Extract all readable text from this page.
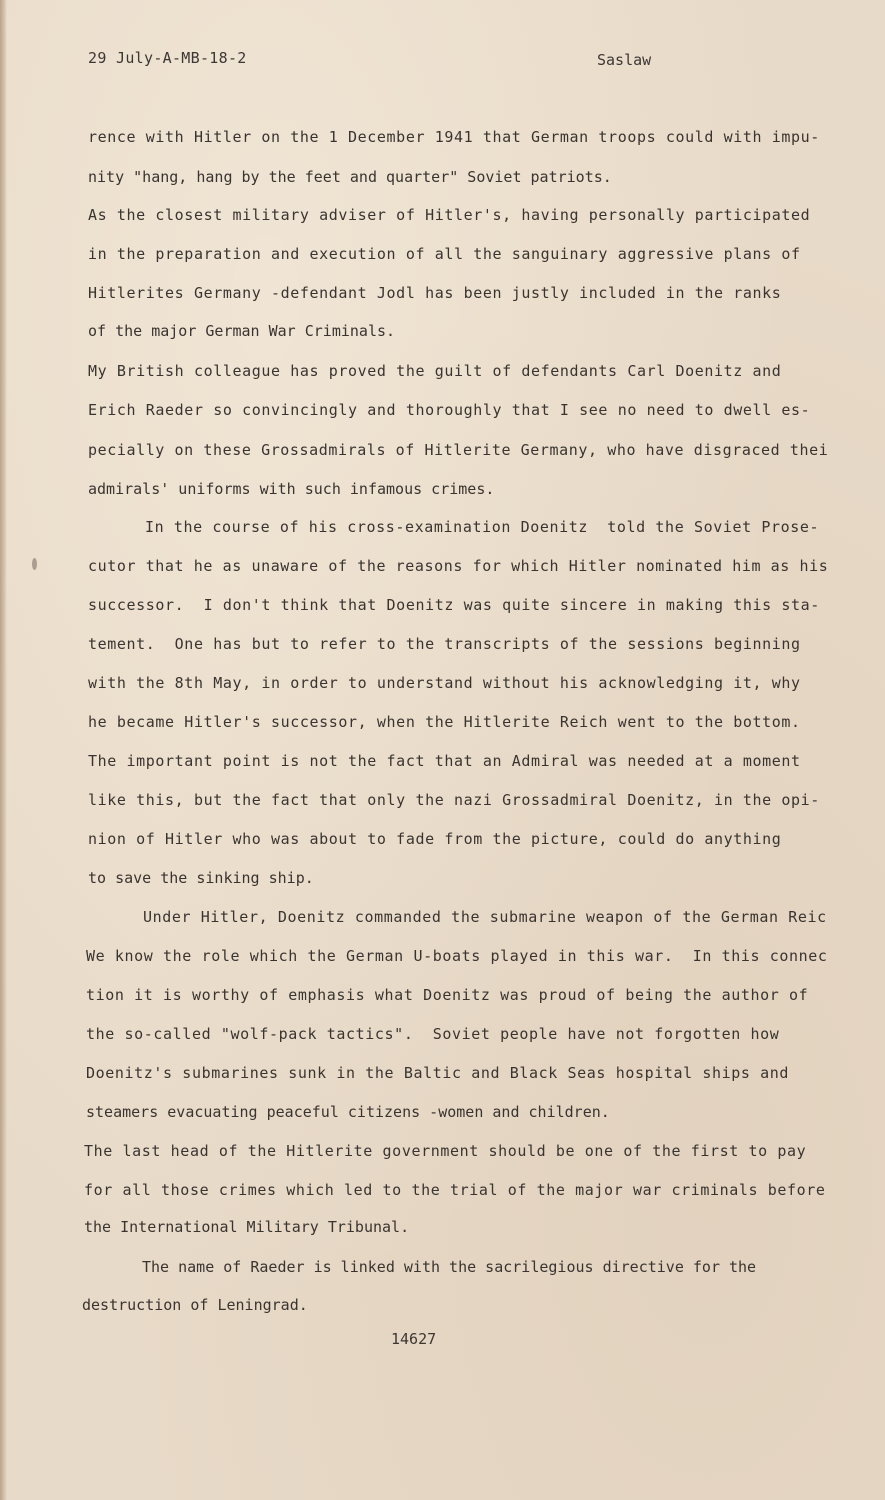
29 July-A-MB-18-2	Saslaw
rence with Hitler on the 1 December 1941 that German troops could with impu-
nity "hang, hang by the feet and quarter" Soviet patriots.
As the closest military adviser of Hitler's, having personally participated
in the preparation and execution of all the sanguinary aggressive plans of
Hitlerites Germany -defendant Jodl has been justly included in the ranks
of the major German War Criminals.
My British colleague has proved the guilt of defendants Carl Doenitz and
Erich Raeder so convincingly and thoroughly that I see no need to dwell es-
pecially on these Grossadmirals of Hitlerite Germany, who have disgraced thei
admirals' uniforms with such infamous crimes.
In the course of his cross-examination Doenitz  told the Soviet Prose-
cutor that he as unaware of the reasons for which Hitler nominated him as his
successor.  I don't think that Doenitz was quite sincere in making this sta-
tement.  One has but to refer to the transcripts of the sessions beginning
with the 8th May, in order to understand without his acknowledging it, why
he became Hitler's successor, when the Hitlerite Reich went to the bottom.
The important point is not the fact that an Admiral was needed at a moment
like this, but the fact that only the nazi Grossadmiral Doenitz, in the opi-
nion of Hitler who was about to fade from the picture, could do anything
to save the sinking ship.
Under Hitler, Doenitz commanded the submarine weapon of the German Reic
We know the role which the German U-boats played in this war.  In this connec
tion it is worthy of emphasis what Doenitz was proud of being the author of
the so-called "wolf-pack tactics".  Soviet people have not forgotten how
Doenitz's submarines sunk in the Baltic and Black Seas hospital ships and
steamers evacuating peaceful citizens -women and children.
The last head of the Hitlerite government should be one of the first to pay
for all those crimes which led to the trial of the major war criminals before
the International Military Tribunal.
The name of Raeder is linked with the sacrilegious directive for the
destruction of Leningrad.
14627
